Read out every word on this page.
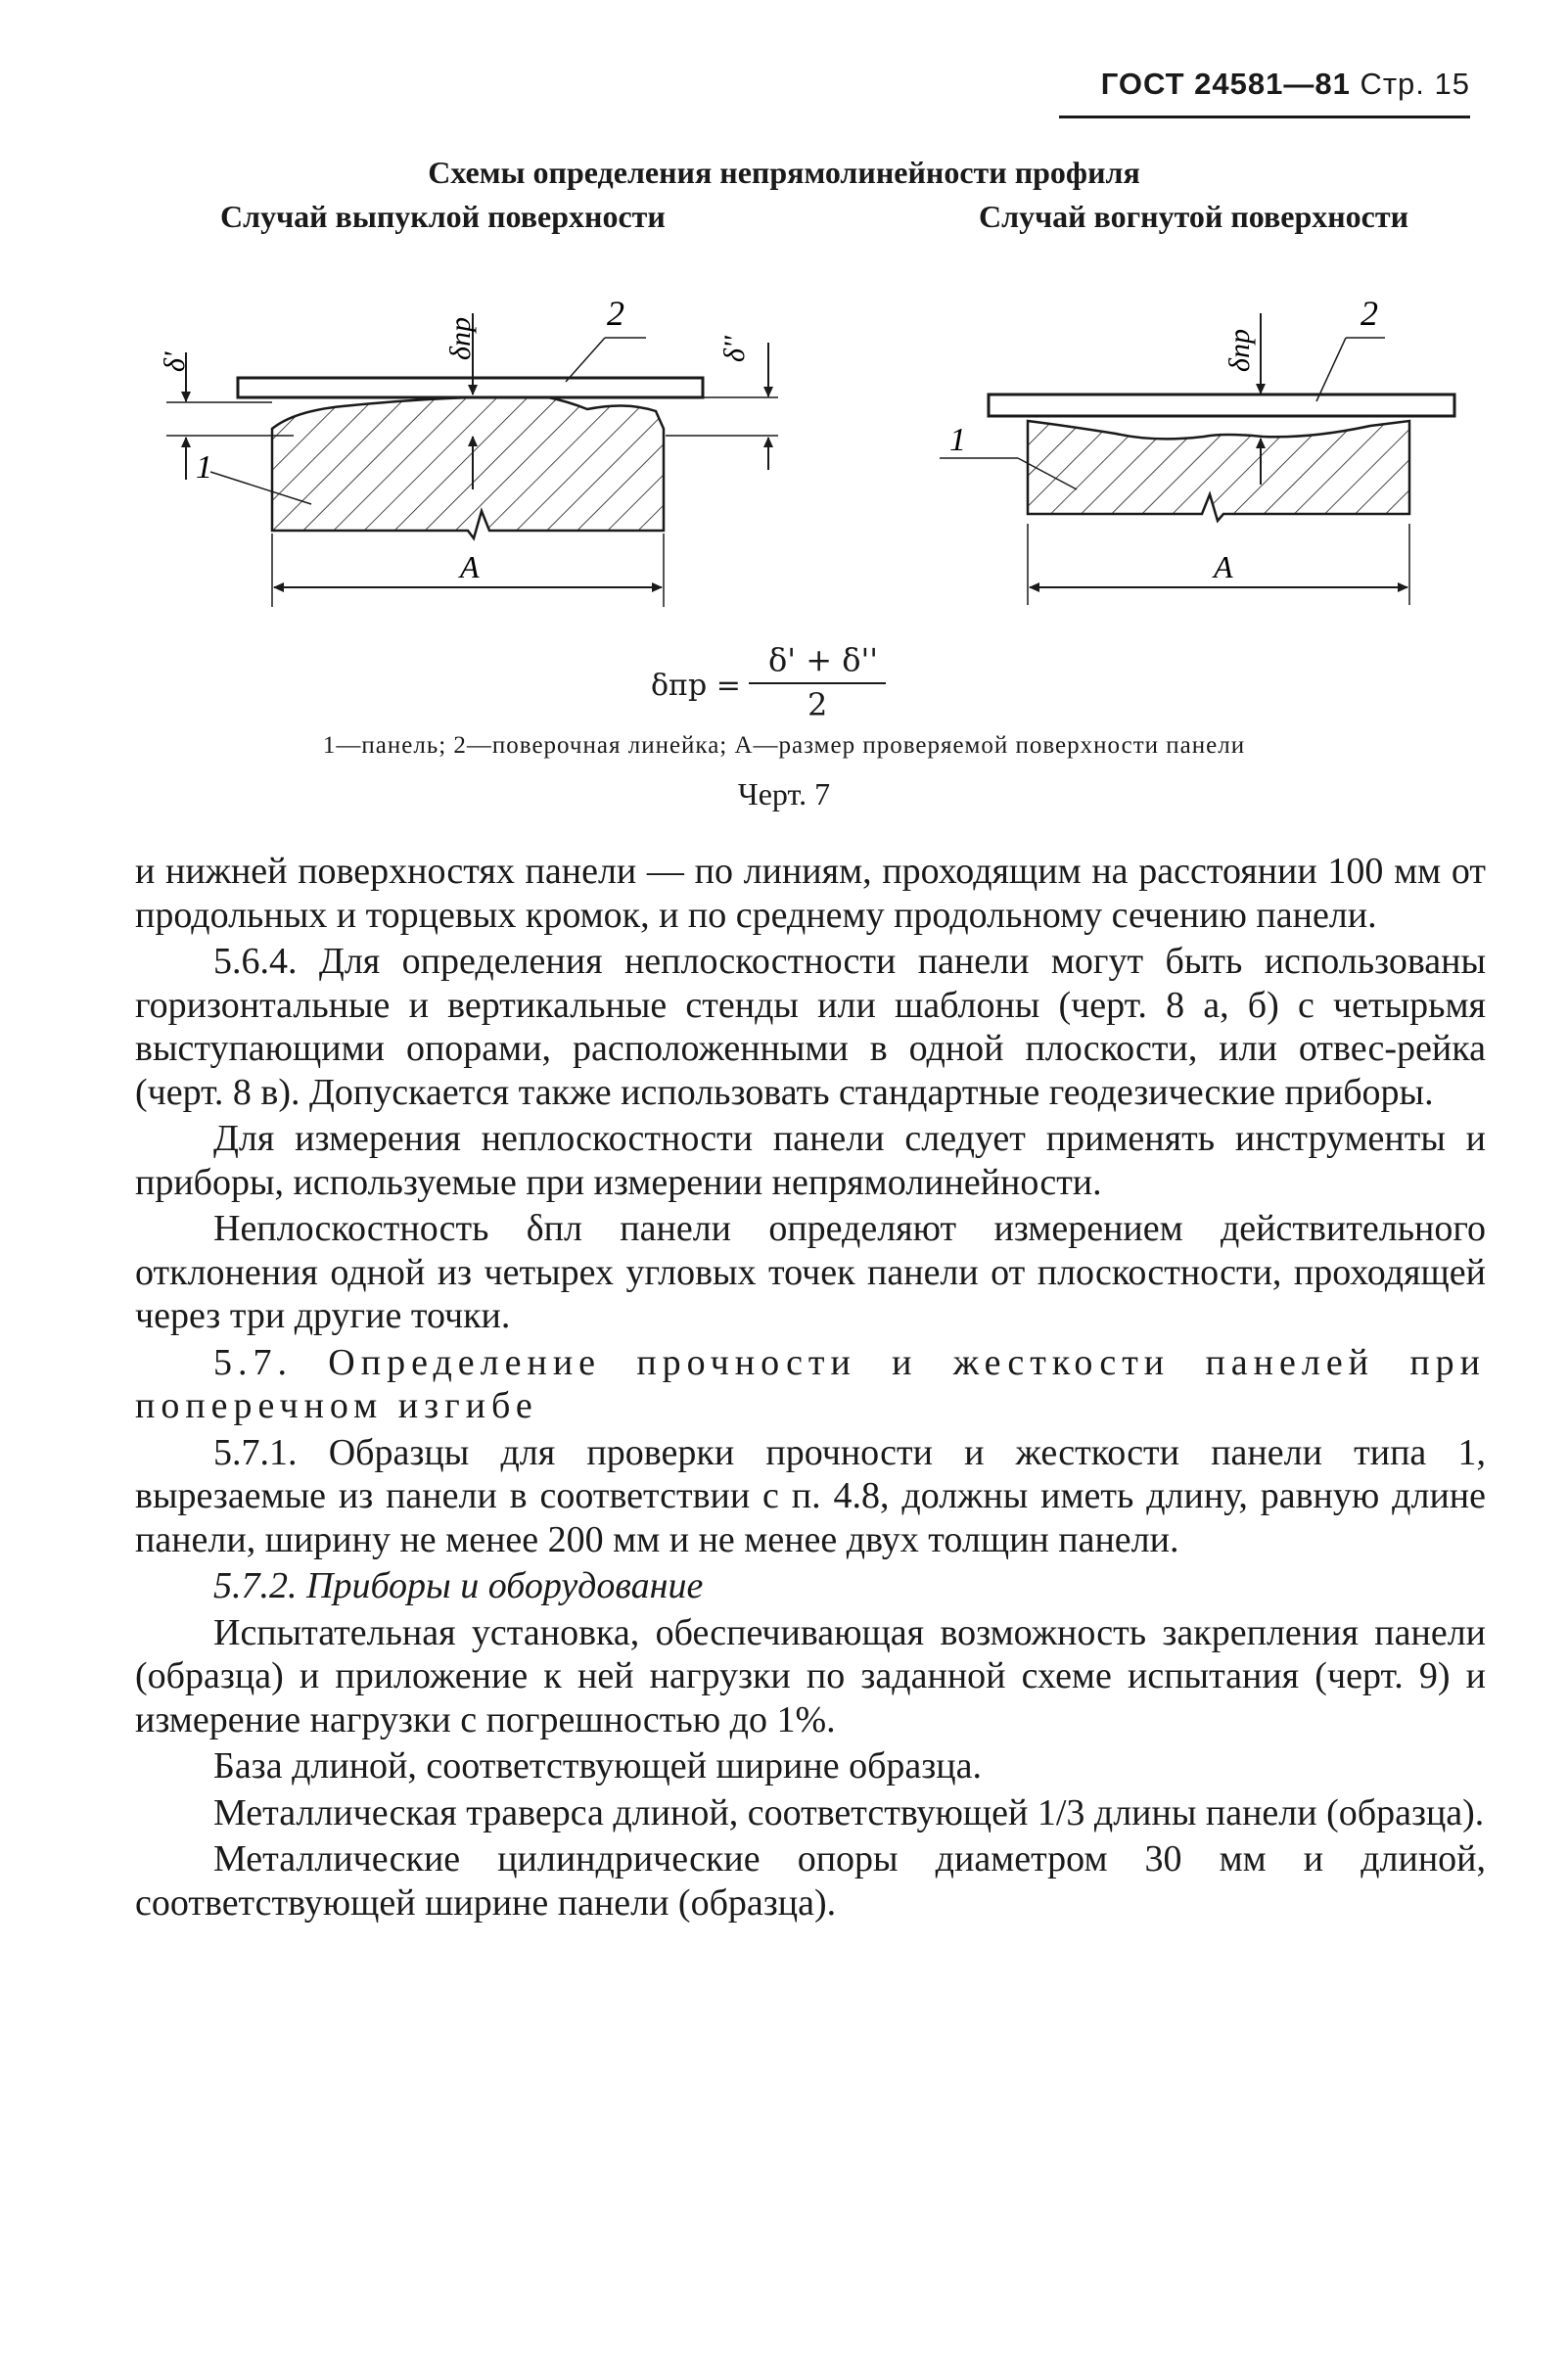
ГОСТ 24581—81 Стр. 15
Схемы определения непрямолинейности профиля
Случай выпуклой поверхности	Случай вогнутой поверхности
1
2
A
δ'	δ''
δпр
1
2
A
δпр
δпр =
δ' + δ''
2
1—панель; 2—поверочная линейка; A—размер проверяемой поверхности панели
Черт. 7

и нижней поверхностях панели — по линиям, проходящим на расстоянии 100 мм от продольных и торцевых кромок, и по среднему продольному сечению панели.

5.6.4. Для определения неплоскостности панели могут быть использованы горизонтальные и вертикальные стенды или шаблоны (черт. 8 а, б) с четырьмя выступающими опорами, расположенными в одной плоскости, или отвес-рейка (черт. 8 в). Допускается также использовать стандартные геодезические приборы.

Для измерения неплоскостности панели следует применять инструменты и приборы, используемые при измерении непрямолинейности.

Неплоскостность δпл панели определяют измерением действительного отклонения одной из четырех угловых точек панели от плоскостности, проходящей через три другие точки.

5.7. Определение прочности и жесткости панелей при поперечном изгибе

5.7.1. Образцы для проверки прочности и жесткости панели типа 1, вырезаемые из панели в соответствии с п. 4.8, должны иметь длину, равную длине панели, ширину не менее 200 мм и не менее двух толщин панели.

5.7.2. Приборы и оборудование

Испытательная установка, обеспечивающая возможность закрепления панели (образца) и приложение к ней нагрузки по заданной схеме испытания (черт. 9) и измерение нагрузки с погрешностью до 1%.

База длиной, соответствующей ширине образца.

Металлическая траверса длиной, соответствующей 1/3 длины панели (образца).

Металлические цилиндрические опоры диаметром 30 мм и длиной, соответствующей ширине панели (образца).
